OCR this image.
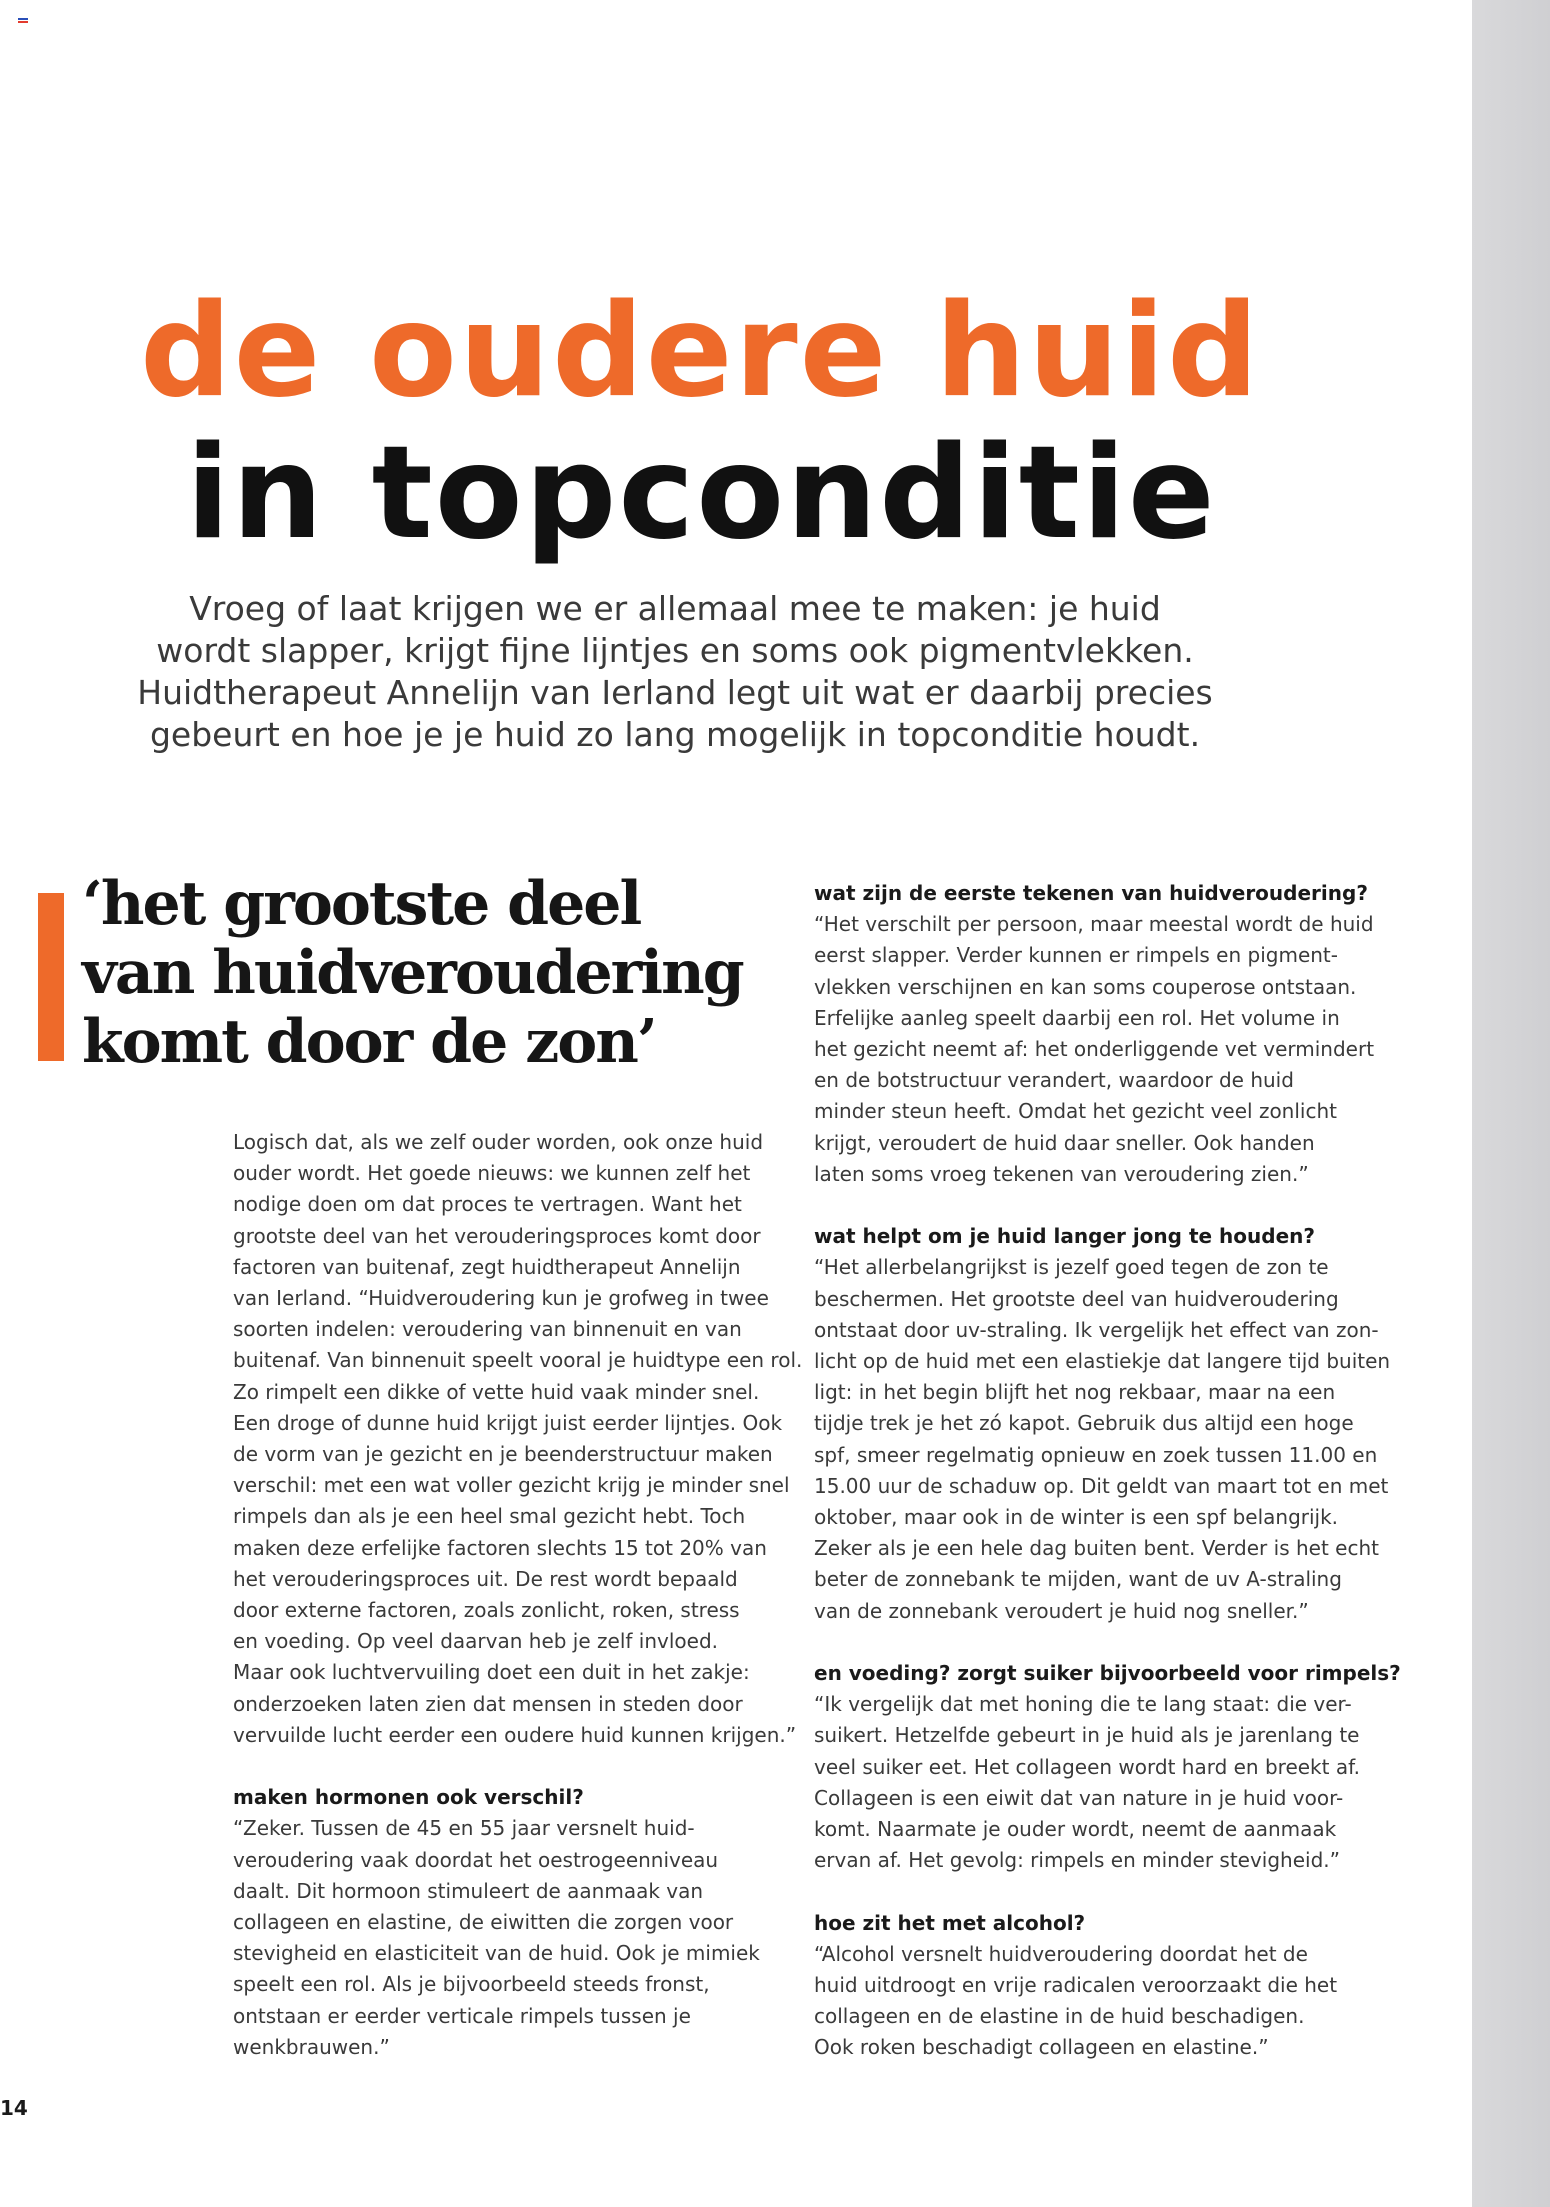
de oudere huid
in topconditie
Vroeg of laat krijgen we er allemaal mee te maken: je huid
wordt slapper, krijgt fijne lijntjes en soms ook pigmentvlekken.
Huidtherapeut Annelijn van Ierland legt uit wat er daarbij precies
gebeurt en hoe je je huid zo lang mogelijk in topconditie houdt.
‘het grootste deel
van huidveroudering
komt door de zon’
Logisch dat, als we zelf ouder worden, ook onze huid
ouder wordt. Het goede nieuws: we kunnen zelf het
nodige doen om dat proces te vertragen. Want het
grootste deel van het verouderingsproces komt door
factoren van buitenaf, zegt huidtherapeut Annelijn
van Ierland. “Huidveroudering kun je grofweg in twee
soorten indelen: veroudering van binnenuit en van
buitenaf. Van binnenuit speelt vooral je huidtype een rol.
Zo rimpelt een dikke of vette huid vaak minder snel.
Een droge of dunne huid krijgt juist eerder lijntjes. Ook
de vorm van je gezicht en je beenderstructuur maken
verschil: met een wat voller gezicht krijg je minder snel
rimpels dan als je een heel smal gezicht hebt. Toch
maken deze erfelijke factoren slechts 15 tot 20% van
het verouderingsproces uit. De rest wordt bepaald
door externe factoren, zoals zonlicht, roken, stress
en voeding. Op veel daarvan heb je zelf invloed.
Maar ook luchtvervuiling doet een duit in het zakje:
onderzoeken laten zien dat mensen in steden door
vervuilde lucht eerder een oudere huid kunnen krijgen.”
maken hormonen ook verschil?
“Zeker. Tussen de 45 en 55 jaar versnelt huid-
veroudering vaak doordat het oestrogeenniveau
daalt. Dit hormoon stimuleert de aanmaak van
collageen en elastine, de eiwitten die zorgen voor
stevigheid en elasticiteit van de huid. Ook je mimiek
speelt een rol. Als je bijvoorbeeld steeds fronst,
ontstaan er eerder verticale rimpels tussen je
wenkbrauwen.”
wat zijn de eerste tekenen van huidveroudering?
“Het verschilt per persoon, maar meestal wordt de huid
eerst slapper. Verder kunnen er rimpels en pigment-
vlekken verschijnen en kan soms couperose ontstaan.
Erfelijke aanleg speelt daarbij een rol. Het volume in
het gezicht neemt af: het onderliggende vet vermindert
en de botstructuur verandert, waardoor de huid
minder steun heeft. Omdat het gezicht veel zonlicht
krijgt, veroudert de huid daar sneller. Ook handen
laten soms vroeg tekenen van veroudering zien.”
wat helpt om je huid langer jong te houden?
“Het allerbelangrijkst is jezelf goed tegen de zon te
beschermen. Het grootste deel van huidveroudering
ontstaat door uv-straling. Ik vergelijk het effect van zon-
licht op de huid met een elastiekje dat langere tijd buiten
ligt: in het begin blijft het nog rekbaar, maar na een
tijdje trek je het zó kapot. Gebruik dus altijd een hoge
spf, smeer regelmatig opnieuw en zoek tussen 11.00 en
15.00 uur de schaduw op. Dit geldt van maart tot en met
oktober, maar ook in de winter is een spf belangrijk.
Zeker als je een hele dag buiten bent. Verder is het echt
beter de zonnebank te mijden, want de uv A-straling
van de zonnebank veroudert je huid nog sneller.”
en voeding? zorgt suiker bijvoorbeeld voor rimpels?
“Ik vergelijk dat met honing die te lang staat: die ver-
suikert. Hetzelfde gebeurt in je huid als je jarenlang te
veel suiker eet. Het collageen wordt hard en breekt af.
Collageen is een eiwit dat van nature in je huid voor-
komt. Naarmate je ouder wordt, neemt de aanmaak
ervan af. Het gevolg: rimpels en minder stevigheid.”
hoe zit het met alcohol?
“Alcohol versnelt huidveroudering doordat het de
huid uitdroogt en vrije radicalen veroorzaakt die het
collageen en de elastine in de huid beschadigen.
Ook roken beschadigt collageen en elastine.”
14
